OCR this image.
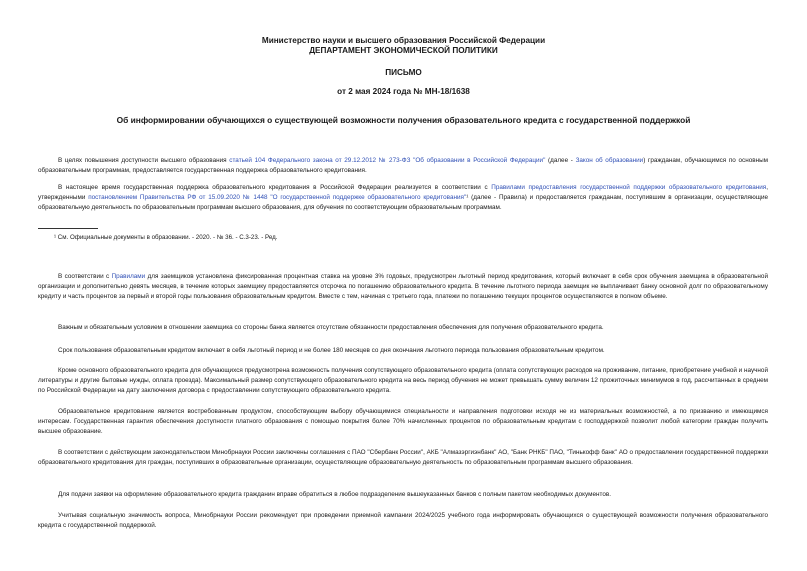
Министерство науки и высшего образования Российской Федерации
ДЕПАРТАМЕНТ ЭКОНОМИЧЕСКОЙ ПОЛИТИКИ
ПИСЬМО
от 2 мая 2024 года № МН-18/1638
Об информировании обучающихся о существующей возможности получения образовательного кредита с государственной поддержкой
В целях повышения доступности высшего образования статьей 104 Федерального закона от 29.12.2012 № 273-ФЗ "Об образовании в Российской Федерации" (далее - Закон об образовании) гражданам, обучающимся по основным образовательным программам, предоставляется государственная поддержка образовательного кредитования.
В настоящее время государственная поддержка образовательного кредитования в Российской Федерации реализуется в соответствии с Правилами предоставления государственной поддержки образовательного кредитования, утвержденными постановлением Правительства РФ от 15.09.2020 № 1448 "О государственной поддержке образовательного кредитования"¹ (далее - Правила) и предоставляется гражданам, поступившим в организации, осуществляющие образовательную деятельность по образовательным программам высшего образования, для обучения по соответствующим образовательным программам.
¹ См. Официальные документы в образовании. - 2020. - № 36. - С.3-23. - Ред.
В соответствии с Правилами для заемщиков установлена фиксированная процентная ставка на уровне 3% годовых, предусмотрен льготный период кредитования, который включает в себя срок обучения заемщика в образовательной организации и дополнительно девять месяцев, в течение которых заемщику предоставляется отсрочка по погашению образовательного кредита. В течение льготного периода заемщик не выплачивает банку основной долг по образовательному кредиту и часть процентов за первый и второй годы пользования образовательным кредитом. Вместе с тем, начиная с третьего года, платежи по погашению текущих процентов осуществляются в полном объеме.
Важным и обязательным условием в отношении заемщика со стороны банка является отсутствие обязанности предоставления обеспечения для получения образовательного кредита.
Срок пользования образовательным кредитом включает в себя льготный период и не более 180 месяцев со дня окончания льготного периода пользования образовательным кредитом.
Кроме основного образовательного кредита для обучающихся предусмотрена возможность получения сопутствующего образовательного кредита (оплата сопутствующих расходов на проживание, питание, приобретение учебной и научной литературы и другие бытовые нужды, оплата проезда). Максимальный размер сопутствующего образовательного кредита на весь период обучения не может превышать сумму величин 12 прожиточных минимумов в год, рассчитанных в среднем по Российской Федерации на дату заключения договора с предоставлении сопутствующего образовательного кредита.
Образовательное кредитование является востребованным продуктом, способствующим выбору обучающимися специальности и направления подготовки исходя не из материальных возможностей, а по призванию и имеющимся интересам. Государственная гарантия обеспечения доступности платного образования с помощью покрытия более 70% начисленных процентов по образовательным кредитам с господдержкой позволит любой категории граждан получить высшее образование.
В соответствии с действующим законодательством Минобрнауки России заключены соглашения с ПАО "Сбербанк России", АКБ "Алмазэргиэнбанк" АО, "Банк РНКБ" ПАО, "Тинькофф банк" АО о предоставлении государственной поддержки образовательного кредитования для граждан, поступивших в образовательные организации, осуществляющие образовательную деятельность по образовательным программам высшего образования.
Для подачи заявки на оформление образовательного кредита гражданин вправе обратиться в любое подразделение вышеуказанных банков с полным пакетом необходимых документов.
Учитывая социальную значимость вопроса, Минобрнауки России рекомендует при проведении приемной кампании 2024/2025 учебного года информировать обучающихся о существующей возможности получения образовательного кредита с государственной поддержкой.
